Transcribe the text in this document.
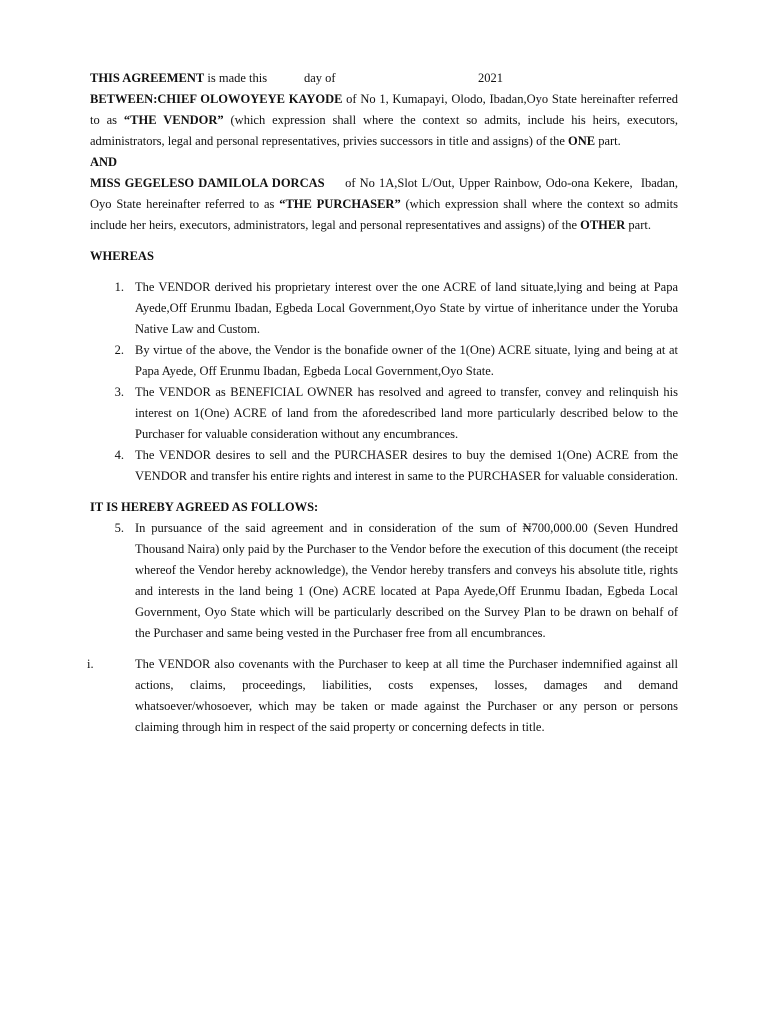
THIS AGREEMENT is made this	day of	2021

BETWEEN:CHIEF OLOWOYEYE KAYODE of No 1, Kumapayi, Olodo, Ibadan,Oyo State hereinafter referred to as “THE VENDOR” (which expression shall where the context so admits, include his heirs, executors, administrators, legal and personal representatives, privies successors in title and assigns) of the ONE part.

AND

MISS GEGELESO DAMILOLA DORCAS     of No 1A,Slot L/Out, Upper Rainbow, Odo-ona Kekere,  Ibadan, Oyo State hereinafter referred to as “THE PURCHASER” (which expression shall where the context so admits include her heirs, executors, administrators, legal and personal representatives and assigns) of the OTHER part.

WHEREAS

1. The VENDOR derived his proprietary interest over the one ACRE of land situate,lying and being at Papa Ayede,Off Erunmu Ibadan, Egbeda Local Government,Oyo State by virtue of inheritance under the Yoruba Native Law and Custom.
2. By virtue of the above, the Vendor is the bonafide owner of the 1(One) ACRE situate, lying and being at at Papa Ayede, Off Erunmu Ibadan, Egbeda Local Government,Oyo State.
3. The VENDOR as BENEFICIAL OWNER has resolved and agreed to transfer, convey and relinquish his interest on 1(One) ACRE of land from the aforedescribed land more particularly described below to the Purchaser for valuable consideration without any encumbrances.
4. The VENDOR desires to sell and the PURCHASER desires to buy the demised 1(One) ACRE from the VENDOR and transfer his entire rights and interest in same to the PURCHASER for valuable consideration.

IT IS HEREBY AGREED AS FOLLOWS:

5. In pursuance of the said agreement and in consideration of the sum of ₦700,000.00 (Seven Hundred Thousand Naira) only paid by the Purchaser to the Vendor before the execution of this document (the receipt whereof the Vendor hereby acknowledge), the Vendor hereby transfers and conveys his absolute title, rights and interests in the land being 1 (One) ACRE located at Papa Ayede,Off Erunmu Ibadan, Egbeda Local Government, Oyo State which will be particularly described on the Survey Plan to be drawn on behalf of the Purchaser and same being vested in the Purchaser free from all encumbrances.
i.	The VENDOR also covenants with the Purchaser to keep at all time the Purchaser indemnified against all actions, claims, proceedings, liabilities, costs expenses, losses, damages and demand whatsoever/whosoever, which may be taken or made against the Purchaser or any person or persons claiming through him in respect of the said property or concerning defects in title.
